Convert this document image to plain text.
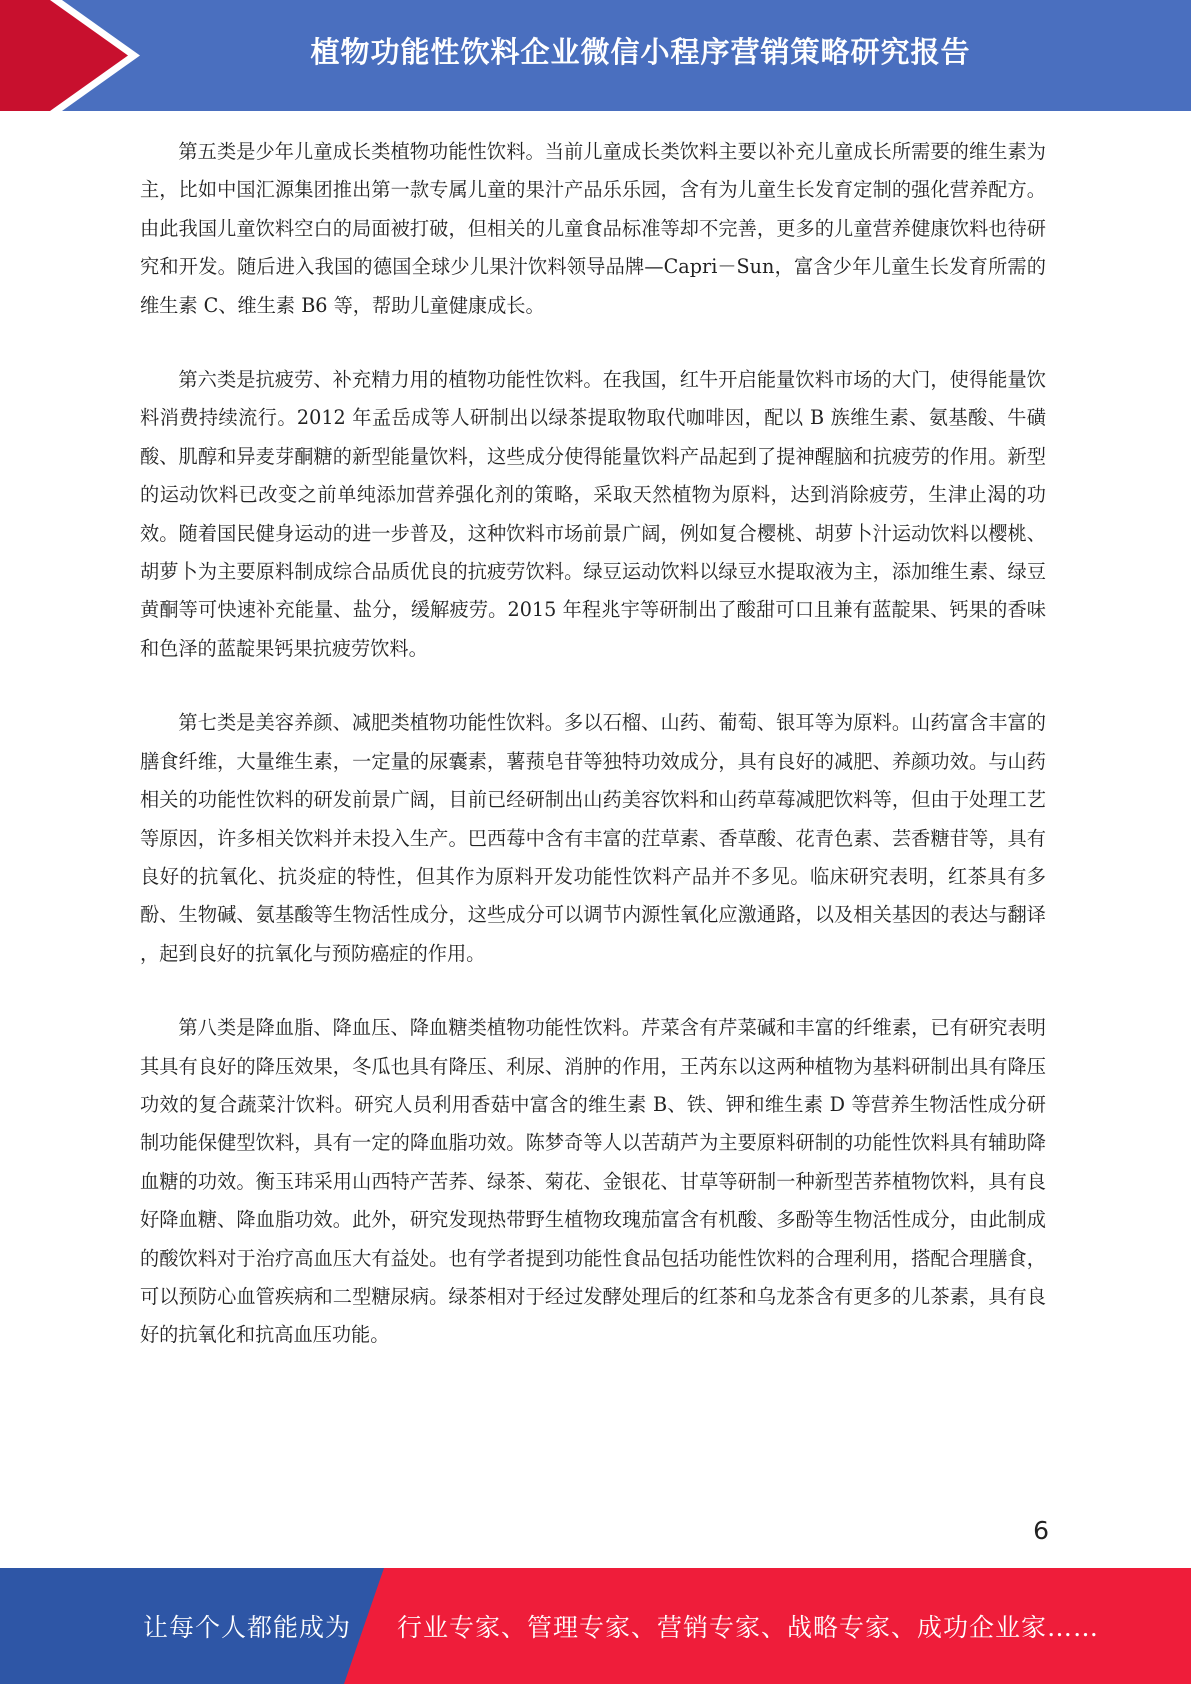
植物功能性饮料企业微信小程序营销策略研究报告

第五类是少年儿童成长类植物功能性饮料。当前儿童成长类饮料主要以补充儿童成长所需要的维生素为主，比如中国汇源集团推出第一款专属儿童的果汁产品乐乐园，含有为儿童生长发育定制的强化营养配方。由此我国儿童饮料空白的局面被打破，但相关的儿童食品标准等却不完善，更多的儿童营养健康饮料也待研究和开发。随后进入我国的德国全球少儿果汁饮料领导品牌—Capri－Sun，富含少年儿童生长发育所需的维生素 C、维生素 B6 等，帮助儿童健康成长。

第六类是抗疲劳、补充精力用的植物功能性饮料。在我国，红牛开启能量饮料市场的大门，使得能量饮料消费持续流行。2012 年孟岳成等人研制出以绿茶提取物取代咖啡因，配以 B 族维生素、氨基酸、牛磺酸、肌醇和异麦芽酮糖的新型能量饮料，这些成分使得能量饮料产品起到了提神醒脑和抗疲劳的作用。新型的运动饮料已改变之前单纯添加营养强化剂的策略，采取天然植物为原料，达到消除疲劳，生津止渴的功效。随着国民健身运动的进一步普及，这种饮料市场前景广阔，例如复合樱桃、胡萝卜汁运动饮料以樱桃、胡萝卜为主要原料制成综合品质优良的抗疲劳饮料。绿豆运动饮料以绿豆水提取液为主，添加维生素、绿豆黄酮等可快速补充能量、盐分，缓解疲劳。2015 年程兆宇等研制出了酸甜可口且兼有蓝靛果、钙果的香味和色泽的蓝靛果钙果抗疲劳饮料。

第七类是美容养颜、减肥类植物功能性饮料。多以石榴、山药、葡萄、银耳等为原料。山药富含丰富的膳食纤维，大量维生素，一定量的尿囊素，薯蓣皂苷等独特功效成分，具有良好的减肥、养颜功效。与山药相关的功能性饮料的研发前景广阔，目前已经研制出山药美容饮料和山药草莓减肥饮料等，但由于处理工艺等原因，许多相关饮料并未投入生产。巴西莓中含有丰富的茳草素、香草酸、花青色素、芸香糖苷等，具有良好的抗氧化、抗炎症的特性，但其作为原料开发功能性饮料产品并不多见。临床研究表明，红茶具有多酚、生物碱、氨基酸等生物活性成分，这些成分可以调节内源性氧化应激通路，以及相关基因的表达与翻译 ，起到良好的抗氧化与预防癌症的作用。

第八类是降血脂、降血压、降血糖类植物功能性饮料。芹菜含有芹菜碱和丰富的纤维素，已有研究表明其具有良好的降压效果，冬瓜也具有降压、利尿、消肿的作用，王芮东以这两种植物为基料研制出具有降压功效的复合蔬菜汁饮料。研究人员利用香菇中富含的维生素 B、铁、钾和维生素 D 等营养生物活性成分研制功能保健型饮料，具有一定的降血脂功效。陈梦奇等人以苦葫芦为主要原料研制的功能性饮料具有辅助降血糖的功效。衡玉玮采用山西特产苦荞、绿茶、菊花、金银花、甘草等研制一种新型苦荞植物饮料，具有良好降血糖、降血脂功效。此外，研究发现热带野生植物玫瑰茄富含有机酸、多酚等生物活性成分，由此制成的酸饮料对于治疗高血压大有益处。也有学者提到功能性食品包括功能性饮料的合理利用，搭配合理膳食，可以预防心血管疾病和二型糖尿病。绿茶相对于经过发酵处理后的红茶和乌龙茶含有更多的儿茶素，具有良好的抗氧化和抗高血压功能。

6
让每个人都能成为 行业专家、管理专家、营销专家、战略专家、成功企业家……
